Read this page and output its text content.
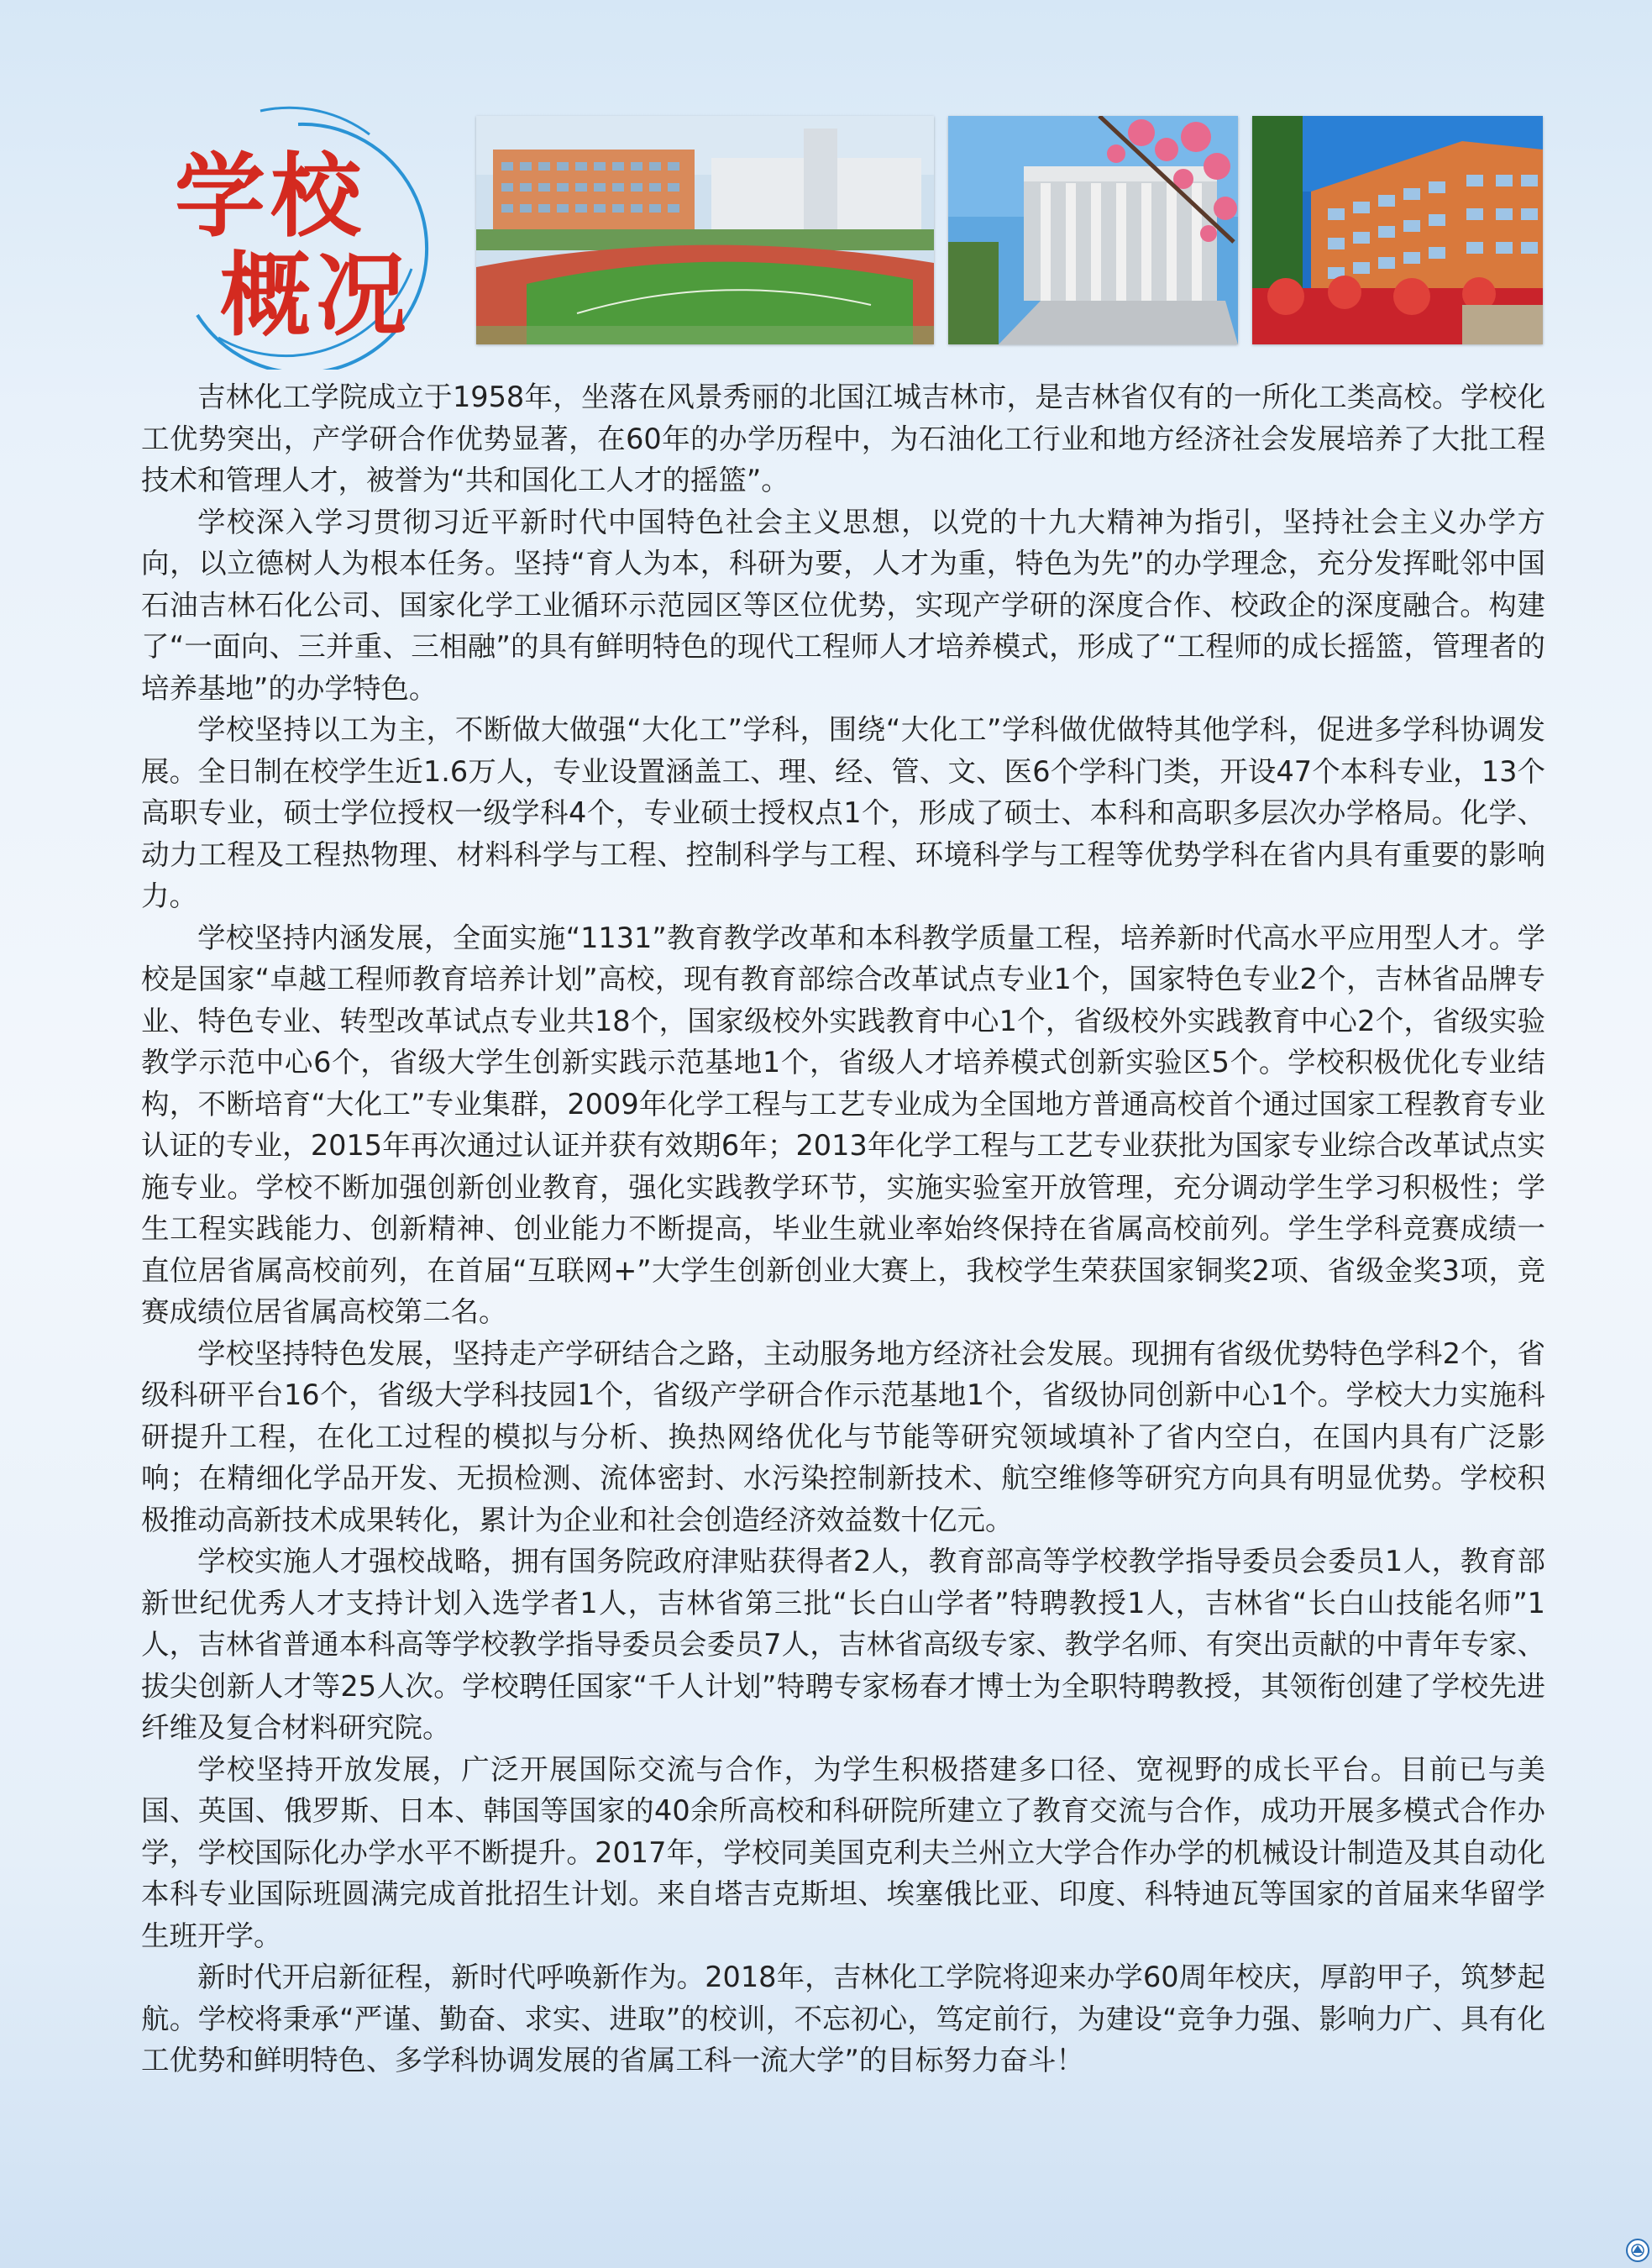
学校
概况

吉林化工学院成立于1958年，坐落在风景秀丽的北国江城吉林市，是吉林省仅有的一所化工类高校。学校化工优势突出，产学研合作优势显著，在60年的办学历程中，为石油化工行业和地方经济社会发展培养了大批工程技术和管理人才，被誉为“共和国化工人才的摇篮”。

学校深入学习贯彻习近平新时代中国特色社会主义思想，以党的十九大精神为指引，坚持社会主义办学方向，以立德树人为根本任务。坚持“育人为本，科研为要，人才为重，特色为先”的办学理念，充分发挥毗邻中国石油吉林石化公司、国家化学工业循环示范园区等区位优势，实现产学研的深度合作、校政企的深度融合。构建了“一面向、三并重、三相融”的具有鲜明特色的现代工程师人才培养模式，形成了“工程师的成长摇篮，管理者的培养基地”的办学特色。

学校坚持以工为主，不断做大做强“大化工”学科，围绕“大化工”学科做优做特其他学科，促进多学科协调发展。全日制在校学生近1.6万人，专业设置涵盖工、理、经、管、文、医6个学科门类，开设47个本科专业，13个高职专业，硕士学位授权一级学科4个，专业硕士授权点1个，形成了硕士、本科和高职多层次办学格局。化学、动力工程及工程热物理、材料科学与工程、控制科学与工程、环境科学与工程等优势学科在省内具有重要的影响力。

学校坚持内涵发展，全面实施“1131”教育教学改革和本科教学质量工程，培养新时代高水平应用型人才。学校是国家“卓越工程师教育培养计划”高校，现有教育部综合改革试点专业1个，国家特色专业2个，吉林省品牌专业、特色专业、转型改革试点专业共18个，国家级校外实践教育中心1个，省级校外实践教育中心2个，省级实验教学示范中心6个，省级大学生创新实践示范基地1个，省级人才培养模式创新实验区5个。学校积极优化专业结构，不断培育“大化工”专业集群，2009年化学工程与工艺专业成为全国地方普通高校首个通过国家工程教育专业认证的专业，2015年再次通过认证并获有效期6年；2013年化学工程与工艺专业获批为国家专业综合改革试点实施专业。学校不断加强创新创业教育，强化实践教学环节，实施实验室开放管理，充分调动学生学习积极性；学生工程实践能力、创新精神、创业能力不断提高，毕业生就业率始终保持在省属高校前列。学生学科竞赛成绩一直位居省属高校前列，在首届“互联网+”大学生创新创业大赛上，我校学生荣获国家铜奖2项、省级金奖3项，竞赛成绩位居省属高校第二名。

学校坚持特色发展，坚持走产学研结合之路，主动服务地方经济社会发展。现拥有省级优势特色学科2个，省级科研平台16个，省级大学科技园1个，省级产学研合作示范基地1个，省级协同创新中心1个。学校大力实施科研提升工程，在化工过程的模拟与分析、换热网络优化与节能等研究领域填补了省内空白，在国内具有广泛影响；在精细化学品开发、无损检测、流体密封、水污染控制新技术、航空维修等研究方向具有明显优势。学校积极推动高新技术成果转化，累计为企业和社会创造经济效益数十亿元。

学校实施人才强校战略，拥有国务院政府津贴获得者2人，教育部高等学校教学指导委员会委员1人，教育部新世纪优秀人才支持计划入选学者1人，吉林省第三批“长白山学者”特聘教授1人，吉林省“长白山技能名师”1人，吉林省普通本科高等学校教学指导委员会委员7人，吉林省高级专家、教学名师、有突出贡献的中青年专家、拔尖创新人才等25人次。学校聘任国家“千人计划”特聘专家杨春才博士为全职特聘教授，其领衔创建了学校先进纤维及复合材料研究院。

学校坚持开放发展，广泛开展国际交流与合作，为学生积极搭建多口径、宽视野的成长平台。目前已与美国、英国、俄罗斯、日本、韩国等国家的40余所高校和科研院所建立了教育交流与合作，成功开展多模式合作办学，学校国际化办学水平不断提升。2017年，学校同美国克利夫兰州立大学合作办学的机械设计制造及其自动化本科专业国际班圆满完成首批招生计划。来自塔吉克斯坦、埃塞俄比亚、印度、科特迪瓦等国家的首届来华留学生班开学。

新时代开启新征程，新时代呼唤新作为。2018年，吉林化工学院将迎来办学60周年校庆，厚韵甲子，筑梦起航。学校将秉承“严谨、勤奋、求实、进取”的校训，不忘初心，笃定前行，为建设“竞争力强、影响力广、具有化工优势和鲜明特色、多学科协调发展的省属工科一流大学”的目标努力奋斗！
